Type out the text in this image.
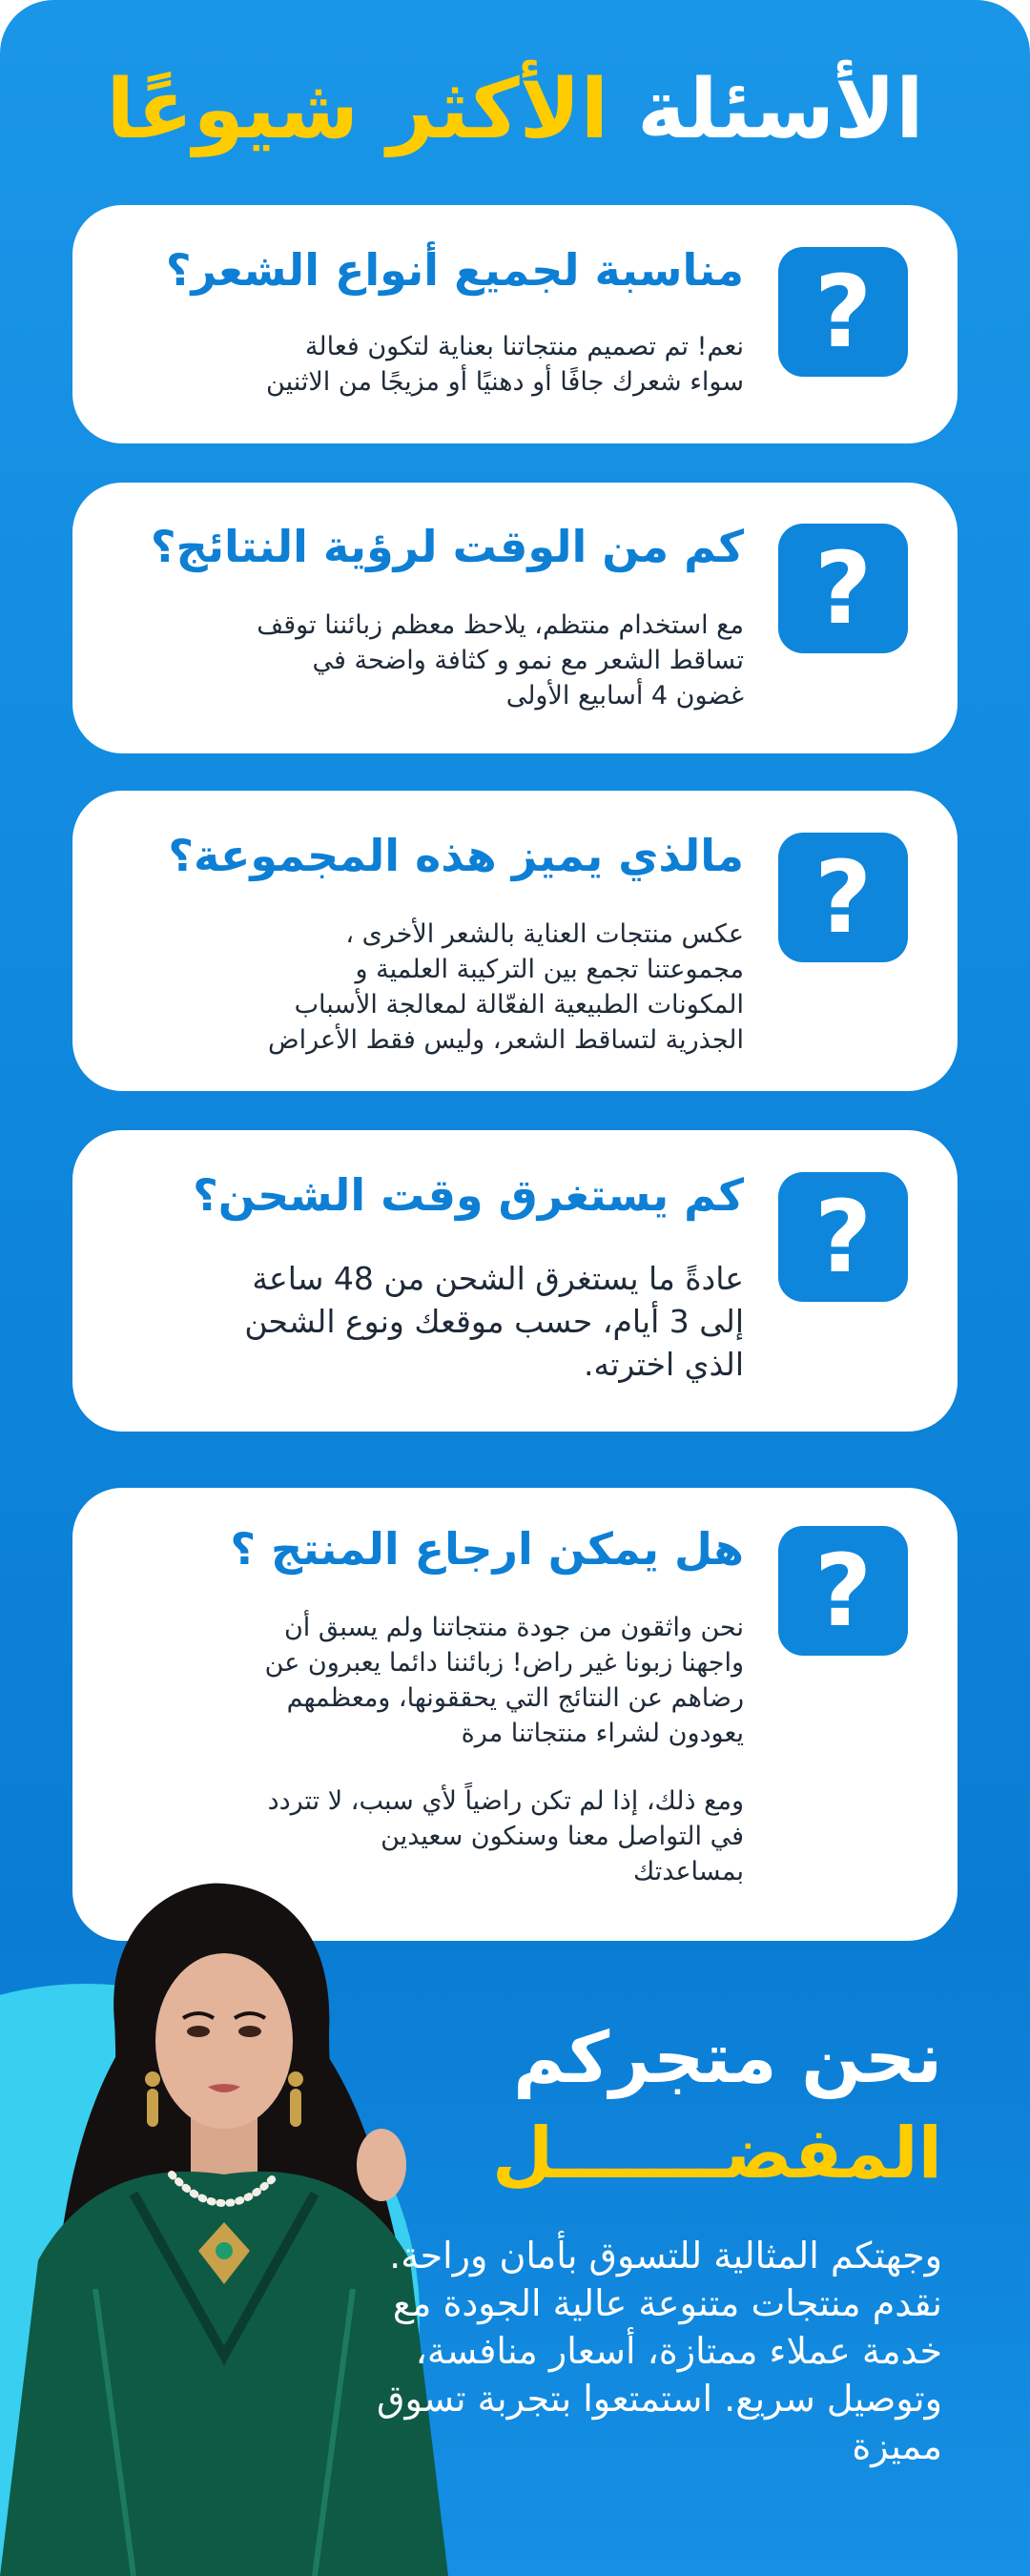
الأسئلة الأكثر شيوعًا
?
مناسبة لجميع أنواع الشعر؟

نعم! تم تصميم منتجاتنا بعناية لتكون فعالة

سواء شعرك جافًا أو دهنيًا أو مزيجًا من الاثنين

?
كم من الوقت لرؤية النتائج؟

مع استخدام منتظم، يلاحظ معظم زبائننا توقف

تساقط الشعر مع نمو و كثافة واضحة في

غضون 4 أسابيع الأولى

?
مالذي يميز هذه المجموعة؟

عكس منتجات العناية بالشعر الأخرى ،

مجموعتنا تجمع بين التركيبة العلمية و

المكونات الطبيعية الفعّالة لمعالجة الأسباب

الجذرية لتساقط الشعر، وليس فقط الأعراض

?
كم يستغرق وقت الشحن؟

عادةً ما يستغرق الشحن من 48 ساعة

إلى 3 أيام، حسب موقعك ونوع الشحن

الذي اخترته.

?
هل يمكن ارجاع المنتج ؟

نحن واثقون من جودة منتجاتنا ولم يسبق أن

واجهنا زبونا غير راض! زبائننا دائما يعبرون عن

رضاهم عن النتائج التي يحققونها، ومعظمهم

يعودون لشراء منتجاتنا مرة

ومع ذلك، إذا لم تكن راضياً لأي سبب، لا تتردد

في التواصل معنا وسنكون سعيدين

بمساعدتك

نحن متجركم
المفضـــــــل

وجهتكم المثالية للتسوق بأمان وراحة. نقدم منتجات متنوعة عالية الجودة مع خدمة عملاء ممتازة، أسعار منافسة، وتوصيل سريع. استمتعوا بتجربة تسوق مميزة
